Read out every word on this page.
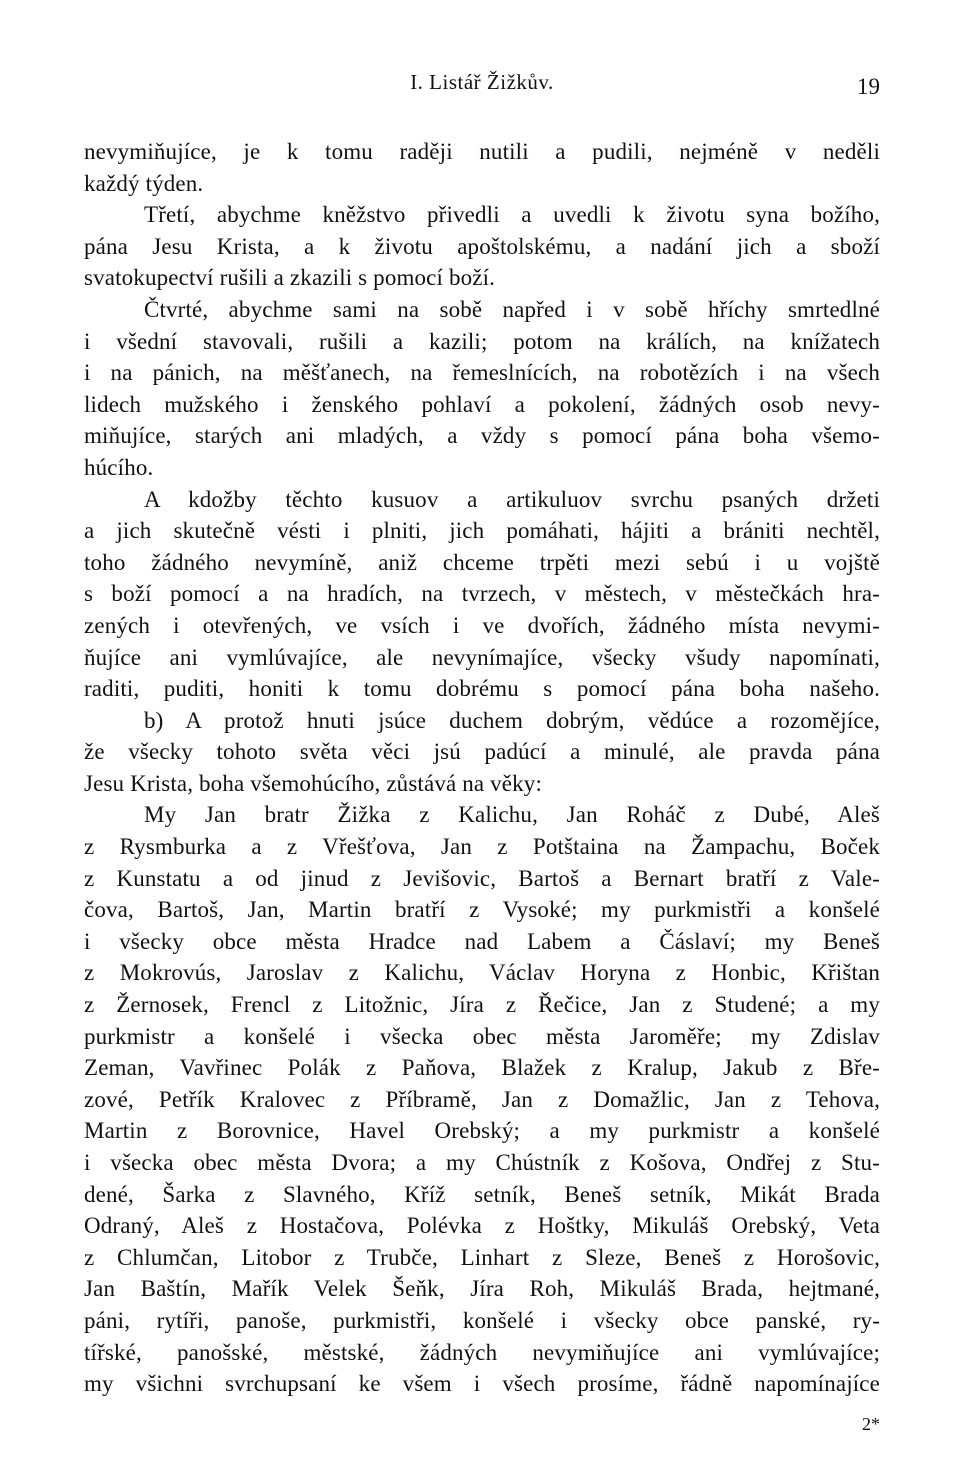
I. Listář Žižkův.	19
nevymiňujíce, je k tomu raději nutili a pudili, nejméně v neděli
každý týden.
Třetí, abychme kněžstvo přivedli a uvedli k životu syna božího,
pána Jesu Krista, a k životu apoštolskému, a nadání jich a sboží
svatokupectví rušili a zkazili s pomocí boží.
Čtvrté, abychme sami na sobě napřed i v sobě hříchy smrtedlné
i všední stavovali, rušili a kazili; potom na králích, na knížatech
i na pánich, na měšťanech, na řemeslnících, na robotězích i na všech
lidech mužského i ženského pohlaví a pokolení, žádných osob nevy-
miňujíce, starých ani mladých, a vždy s pomocí pána boha všemo-
húcího.
A kdožby těchto kusuov a artikuluov svrchu psaných držeti
a jich skutečně vésti i plniti, jich pomáhati, hájiti a brániti nechtěl,
toho žádného nevymíně, aniž chceme trpěti mezi sebú i u vojště
s boží pomocí a na hradích, na tvrzech, v městech, v městečkách hra-
zených i otevřených, ve vsích i ve dvořích, žádného místa nevymi-
ňujíce ani vymlúvajíce, ale nevynímajíce, všecky všudy napomínati,
raditi, puditi, honiti k tomu dobrému s pomocí pána boha našeho.
b) A protož hnuti jsúce duchem dobrým, vědúce a rozomějíce,
že všecky tohoto světa věci jsú padúcí a minulé, ale pravda pána
Jesu Krista, boha všemohúcího, zůstává na věky:
My Jan bratr Žižka z Kalichu, Jan Roháč z Dubé, Aleš
z Rysmburka a z Vřešťova, Jan z Potštaina na Žampachu, Boček
z Kunstatu a od jinud z Jevišovic, Bartoš a Bernart bratří z Vale-
čova, Bartoš, Jan, Martin bratří z Vysoké; my purkmistři a konšelé
i všecky obce města Hradce nad Labem a Čáslaví; my Beneš
z Mokrovús, Jaroslav z Kalichu, Václav Horyna z Honbic, Křištan
z Žernosek, Frencl z Litožnic, Jíra z Řečice, Jan z Studené; a my
purkmistr a konšelé i všecka obec města Jaroměře; my Zdislav
Zeman, Vavřinec Polák z Paňova, Blažek z Kralup, Jakub z Bře-
zové, Petřík Kralovec z Příbramě, Jan z Domažlic, Jan z Tehova,
Martin z Borovnice, Havel Orebský; a my purkmistr a konšelé
i všecka obec města Dvora; a my Chústník z Košova, Ondřej z Stu-
dené, Šarka z Slavného, Kříž setník, Beneš setník, Mikát Brada
Odraný, Aleš z Hostačova, Polévka z Hoštky, Mikuláš Orebský, Veta
z Chlumčan, Litobor z Trubče, Linhart z Sleze, Beneš z Horošovic,
Jan Baštín, Mařík Velek Šeňk, Jíra Roh, Mikuláš Brada, hejtmané,
páni, rytíři, panoše, purkmistři, konšelé i všecky obce panské, ry-
tířské, panošské, městské, žádných nevymiňujíce ani vymlúvajíce;
my všichni svrchupsaní ke všem i všech prosíme, řádně napomínajíce
2*
